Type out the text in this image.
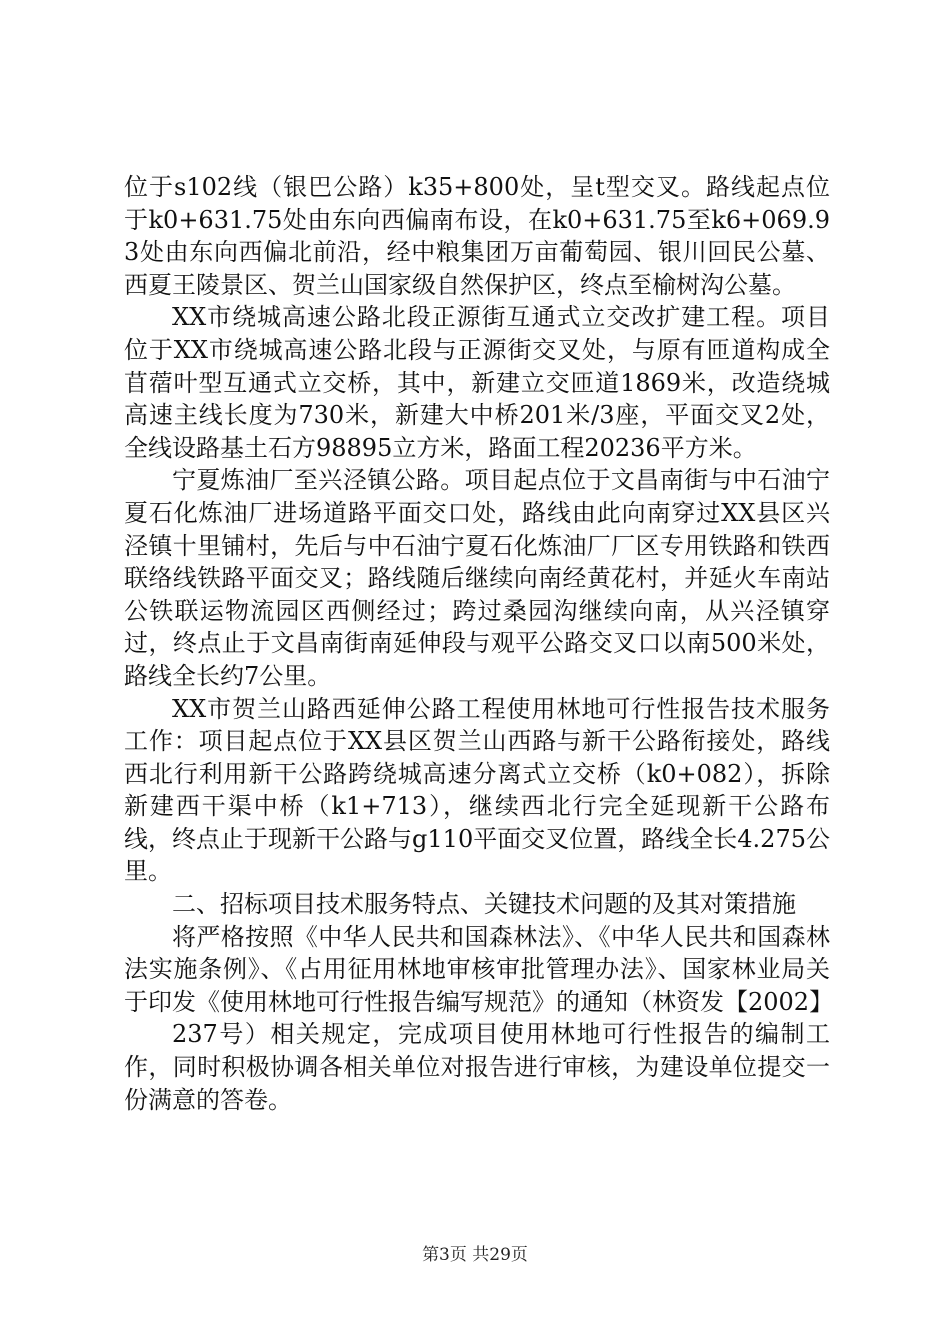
位于s102线（银巴公路）k35+800处，呈t型交叉。路线起点位于k0+631.75处由东向西偏南布设，在k0+631.75至k6+069.93处由东向西偏北前沿，经中粮集团万亩葡萄园、银川回民公墓、西夏王陵景区、贺兰山国家级自然保护区，终点至榆树沟公墓。

XX市绕城高速公路北段正源街互通式立交改扩建工程。项目位于XX市绕城高速公路北段与正源街交叉处，与原有匝道构成全苜蓿叶型互通式立交桥，其中，新建立交匝道1869米，改造绕城高速主线长度为730米，新建大中桥201米/3座，平面交叉2处，全线设路基土石方98895立方米，路面工程20236平方米。

宁夏炼油厂至兴泾镇公路。项目起点位于文昌南街与中石油宁夏石化炼油厂进场道路平面交口处，路线由此向南穿过XX县区兴泾镇十里铺村，先后与中石油宁夏石化炼油厂厂区专用铁路和铁西联络线铁路平面交叉；路线随后继续向南经黄花村，并延火车南站公铁联运物流园区西侧经过；跨过桑园沟继续向南，从兴泾镇穿过，终点止于文昌南街南延伸段与观平公路交叉口以南500米处，路线全长约7公里。

XX市贺兰山路西延伸公路工程使用林地可行性报告技术服务工作：项目起点位于XX县区贺兰山西路与新干公路衔接处，路线西北行利用新干公路跨绕城高速分离式立交桥（k0+082），拆除新建西干渠中桥（k1+713），继续西北行完全延现新干公路布线，终点止于现新干公路与g110平面交叉位置，路线全长4.275公里。

二、招标项目技术服务特点、关键技术问题的及其对策措施

将严格按照《中华人民共和国森林法》、《中华人民共和国森林法实施条例》、《占用征用林地审核审批管理办法》、国家林业局关于印发《使用林地可行性报告编写规范》的通知（林资发【2002】

237号）相关规定，完成项目使用林地可行性报告的编制工作，同时积极协调各相关单位对报告进行审核，为建设单位提交一份满意的答卷。

第3页 共29页
